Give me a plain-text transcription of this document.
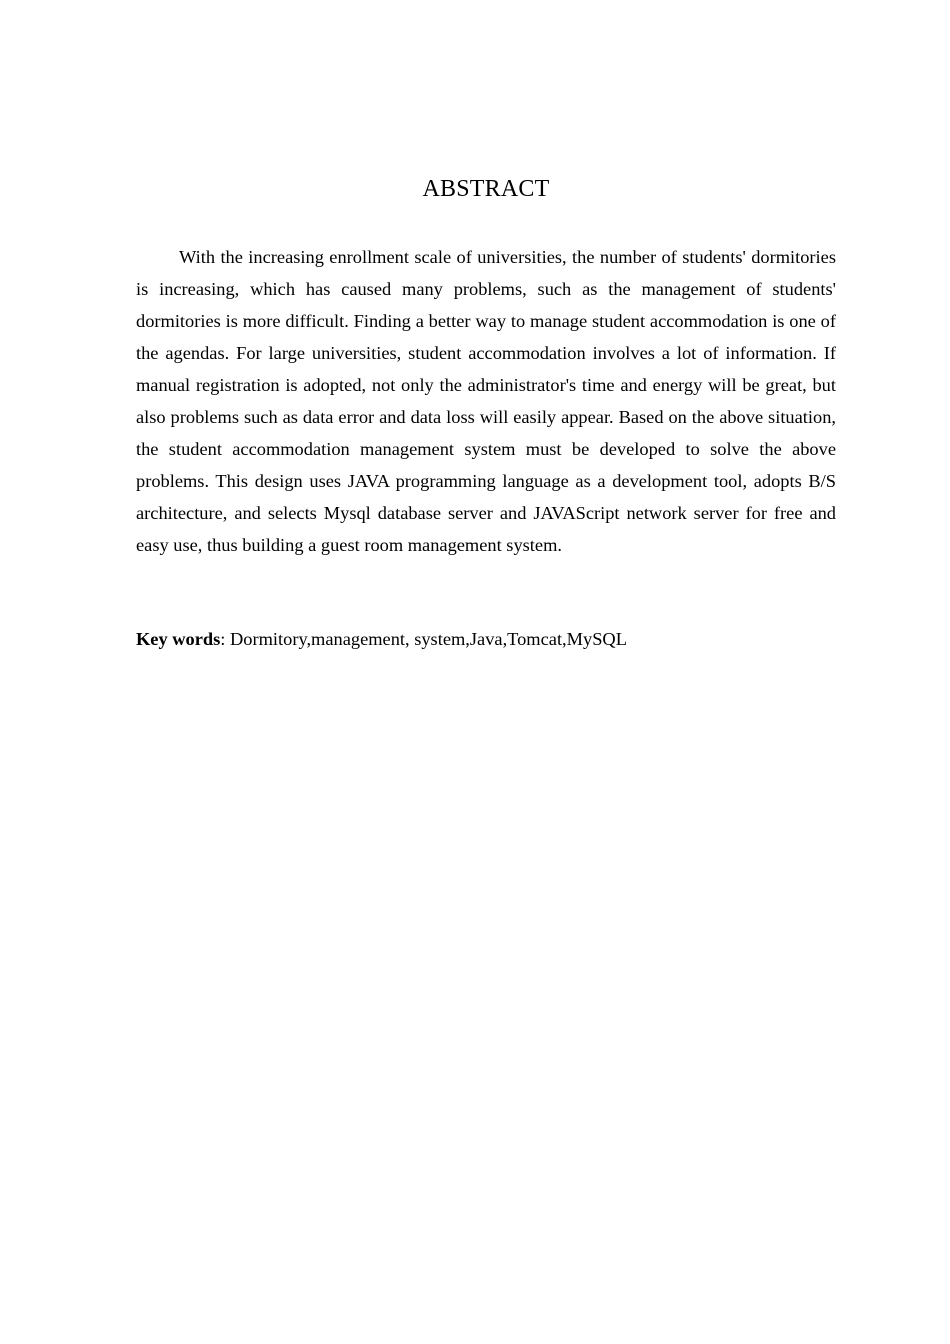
ABSTRACT

With the increasing enrollment scale of universities, the number of students' dormitories is increasing, which has caused many problems, such as the management of students' dormitories is more difficult. Finding a better way to manage student accommodation is one of the agendas. For large universities, student accommodation involves a lot of information. If manual registration is adopted, not only the administrator's time and energy will be great, but also problems such as data error and data loss will easily appear. Based on the above situation, the student accommodation management system must be developed to solve the above problems. This design uses JAVA programming language as a development tool, adopts B/S architecture, and selects Mysql database server and JAVAScript network server for free and easy use, thus building a guest room management system.

Key words: Dormitory,management, system,Java,Tomcat,MySQL
